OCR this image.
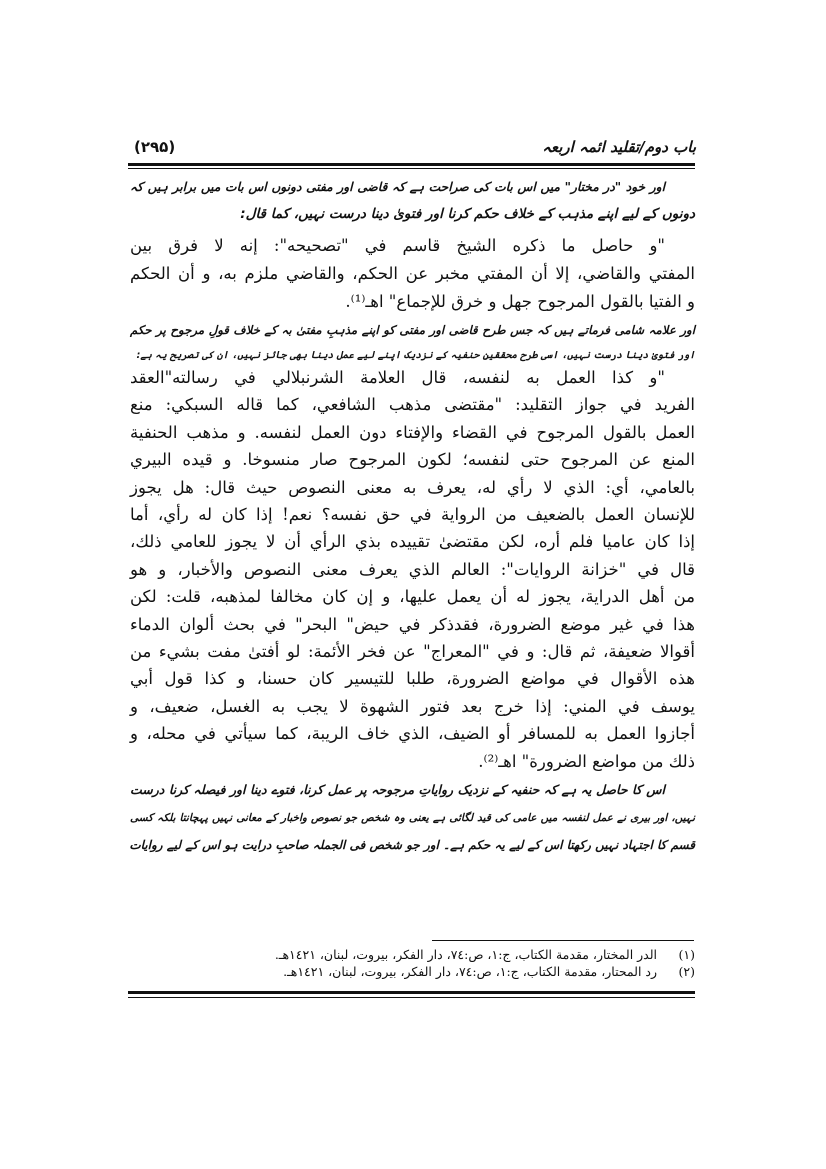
(۲۹۵)	باب دوم/تقلید ائمہ اربعہ
اور خود "در مختار" میں اس بات کی صراحت ہے کہ قاضی اور مفتی دونوں اس بات میں برابر ہیں کہ
دونوں کے لیے اپنے مذہب کے خلاف حکم کرنا اور فتویٰ دینا درست نہیں، کما قال:
"و حاصل ما ذكره الشيخ قاسم في "تصحيحه": إنه لا فرق بين
المفتي والقاضي، إلا أن المفتي مخبر عن الحكم، والقاضي ملزم به، و أن الحكم
و الفتيا بالقول المرجوح جهل و خرق للإجماع" اهـ⁽¹⁾.
اور علامہ شامی فرماتے ہیں کہ جس طرح قاضی اور مفتی کو اپنے مذہبِ مفتیٰ بہ کے خلاف قولِ مرجوح پر حکم
اور فتویٰ دینا درست نہیں، اسی طرح محققینِ حنفیہ کے نزدیک اپنے لیے عمل دینا بھی جائز نہیں، ان کی تصریح یہ ہے:
"و كذا العمل به لنفسه، قال العلامة الشرنبلالي في رسالته"العقد
الفريد في جواز التقليد: "مقتضى مذهب الشافعي، كما قاله السبكي: منع
العمل بالقول المرجوح في القضاء والإفتاء دون العمل لنفسه. و مذهب الحنفية
المنع عن المرجوح حتى لنفسه؛ لكون المرجوح صار منسوخا. و قيده البيري
بالعامي، أي: الذي لا رأي له، يعرف به معنى النصوص حيث قال: هل يجوز
للإنسان العمل بالضعيف من الرواية في حق نفسه؟ نعم! إذا كان له رأي، أما
إذا كان عاميا فلم أره، لكن مقتضىٰ تقييده بذي الرأي أن لا يجوز للعامي ذلك،
قال في "خزانة الروايات": العالم الذي يعرف معنى النصوص والأخبار، و هو
من أهل الدراية، يجوز له أن يعمل عليها، و إن كان مخالفا لمذهبه، قلت: لكن
هذا في غير موضع الضرورة، فقدذكر في حيض" البحر" في بحث ألوان الدماء
أقوالا ضعيفة، ثم قال: و في "المعراج" عن فخر الأئمة: لو أفتىٰ مفت بشيء من
هذه الأقوال في مواضع الضرورة، طلبا للتيسير كان حسنا، و كذا قول أبي
يوسف في المني: إذا خرج بعد فتور الشهوة لا يجب به الغسل، ضعيف، و
أجازوا العمل به للمسافر أو الضيف، الذي خاف الريبة، كما سيأتي في محله، و
ذلك من مواضع الضرورة" اهـ⁽²⁾.
اس کا حاصل یہ ہے کہ حنفیہ کے نزدیک روایاتِ مرجوحہ پر عمل کرنا، فتوے دینا اور فیصلہ کرنا درست
نہیں، اور بیری نے عمل لنفسہ میں عامی کی قید لگائی ہے یعنی وہ شخص جو نصوص واخبار کے معانی نہیں پہچانتا بلکہ کسی
قسم کا اجتہاد نہیں رکھتا اس کے لیے یہ حکم ہے۔ اور جو شخص فی الجملہ صاحبِ درایت ہو اس کے لیے روایات
(۱) الدر المختار، مقدمة الكتاب، ج:١، ص:٧٤، دار الفكر، بيروت، لبنان، ١٤٢١هـ.
(۲) رد المحتار، مقدمة الكتاب، ج:١، ص:٧٤، دار الفكر، بيروت، لبنان، ١٤٢١هـ.
